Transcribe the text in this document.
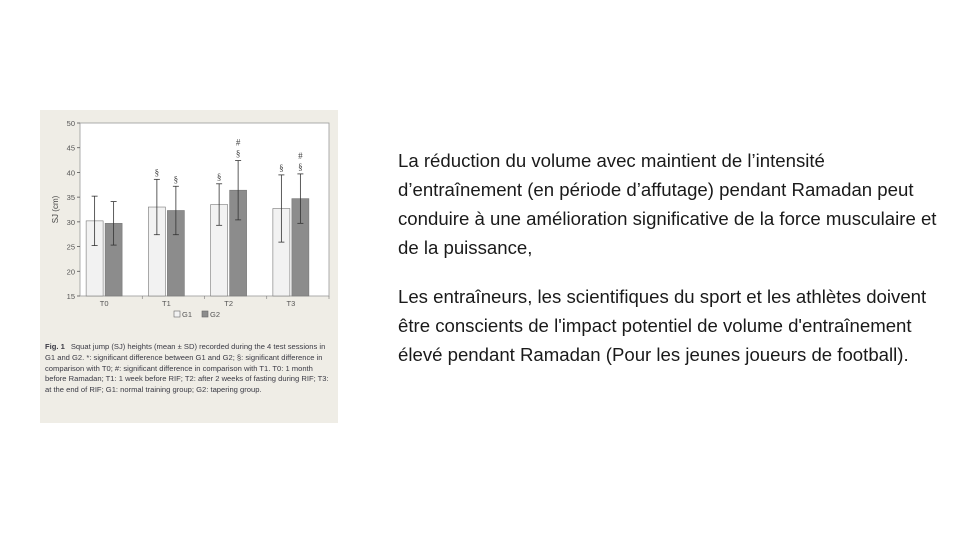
15
20
25
30
35
40
45
50
SJ (cm)
T0	T1	T2	T3
§
§	§
§
#
§ §
#
G1 G2
Fig. 1 Squat jump (SJ) heights (mean ± SD) recorded during the 4 test sessions in G1 and G2. *: significant difference between G1 and G2; §: significant difference in comparison with T0; #: significant difference in comparison with T1. T0: 1 month before Ramadan; T1: 1 week before RIF; T2: after 2 weeks of fasting during RIF; T3: at the end of RIF; G1: normal training group; G2: tapering group.

La réduction du volume avec maintient de l’intensité d’entraînement (en période d’affutage) pendant Ramadan peut conduire à une amélioration significative de la force musculaire et de la puissance,

Les entraîneurs, les scientifiques du sport et les athlètes doivent être conscients de l'impact potentiel de volume d'entraînement élevé pendant Ramadan (Pour les jeunes joueurs de football).
